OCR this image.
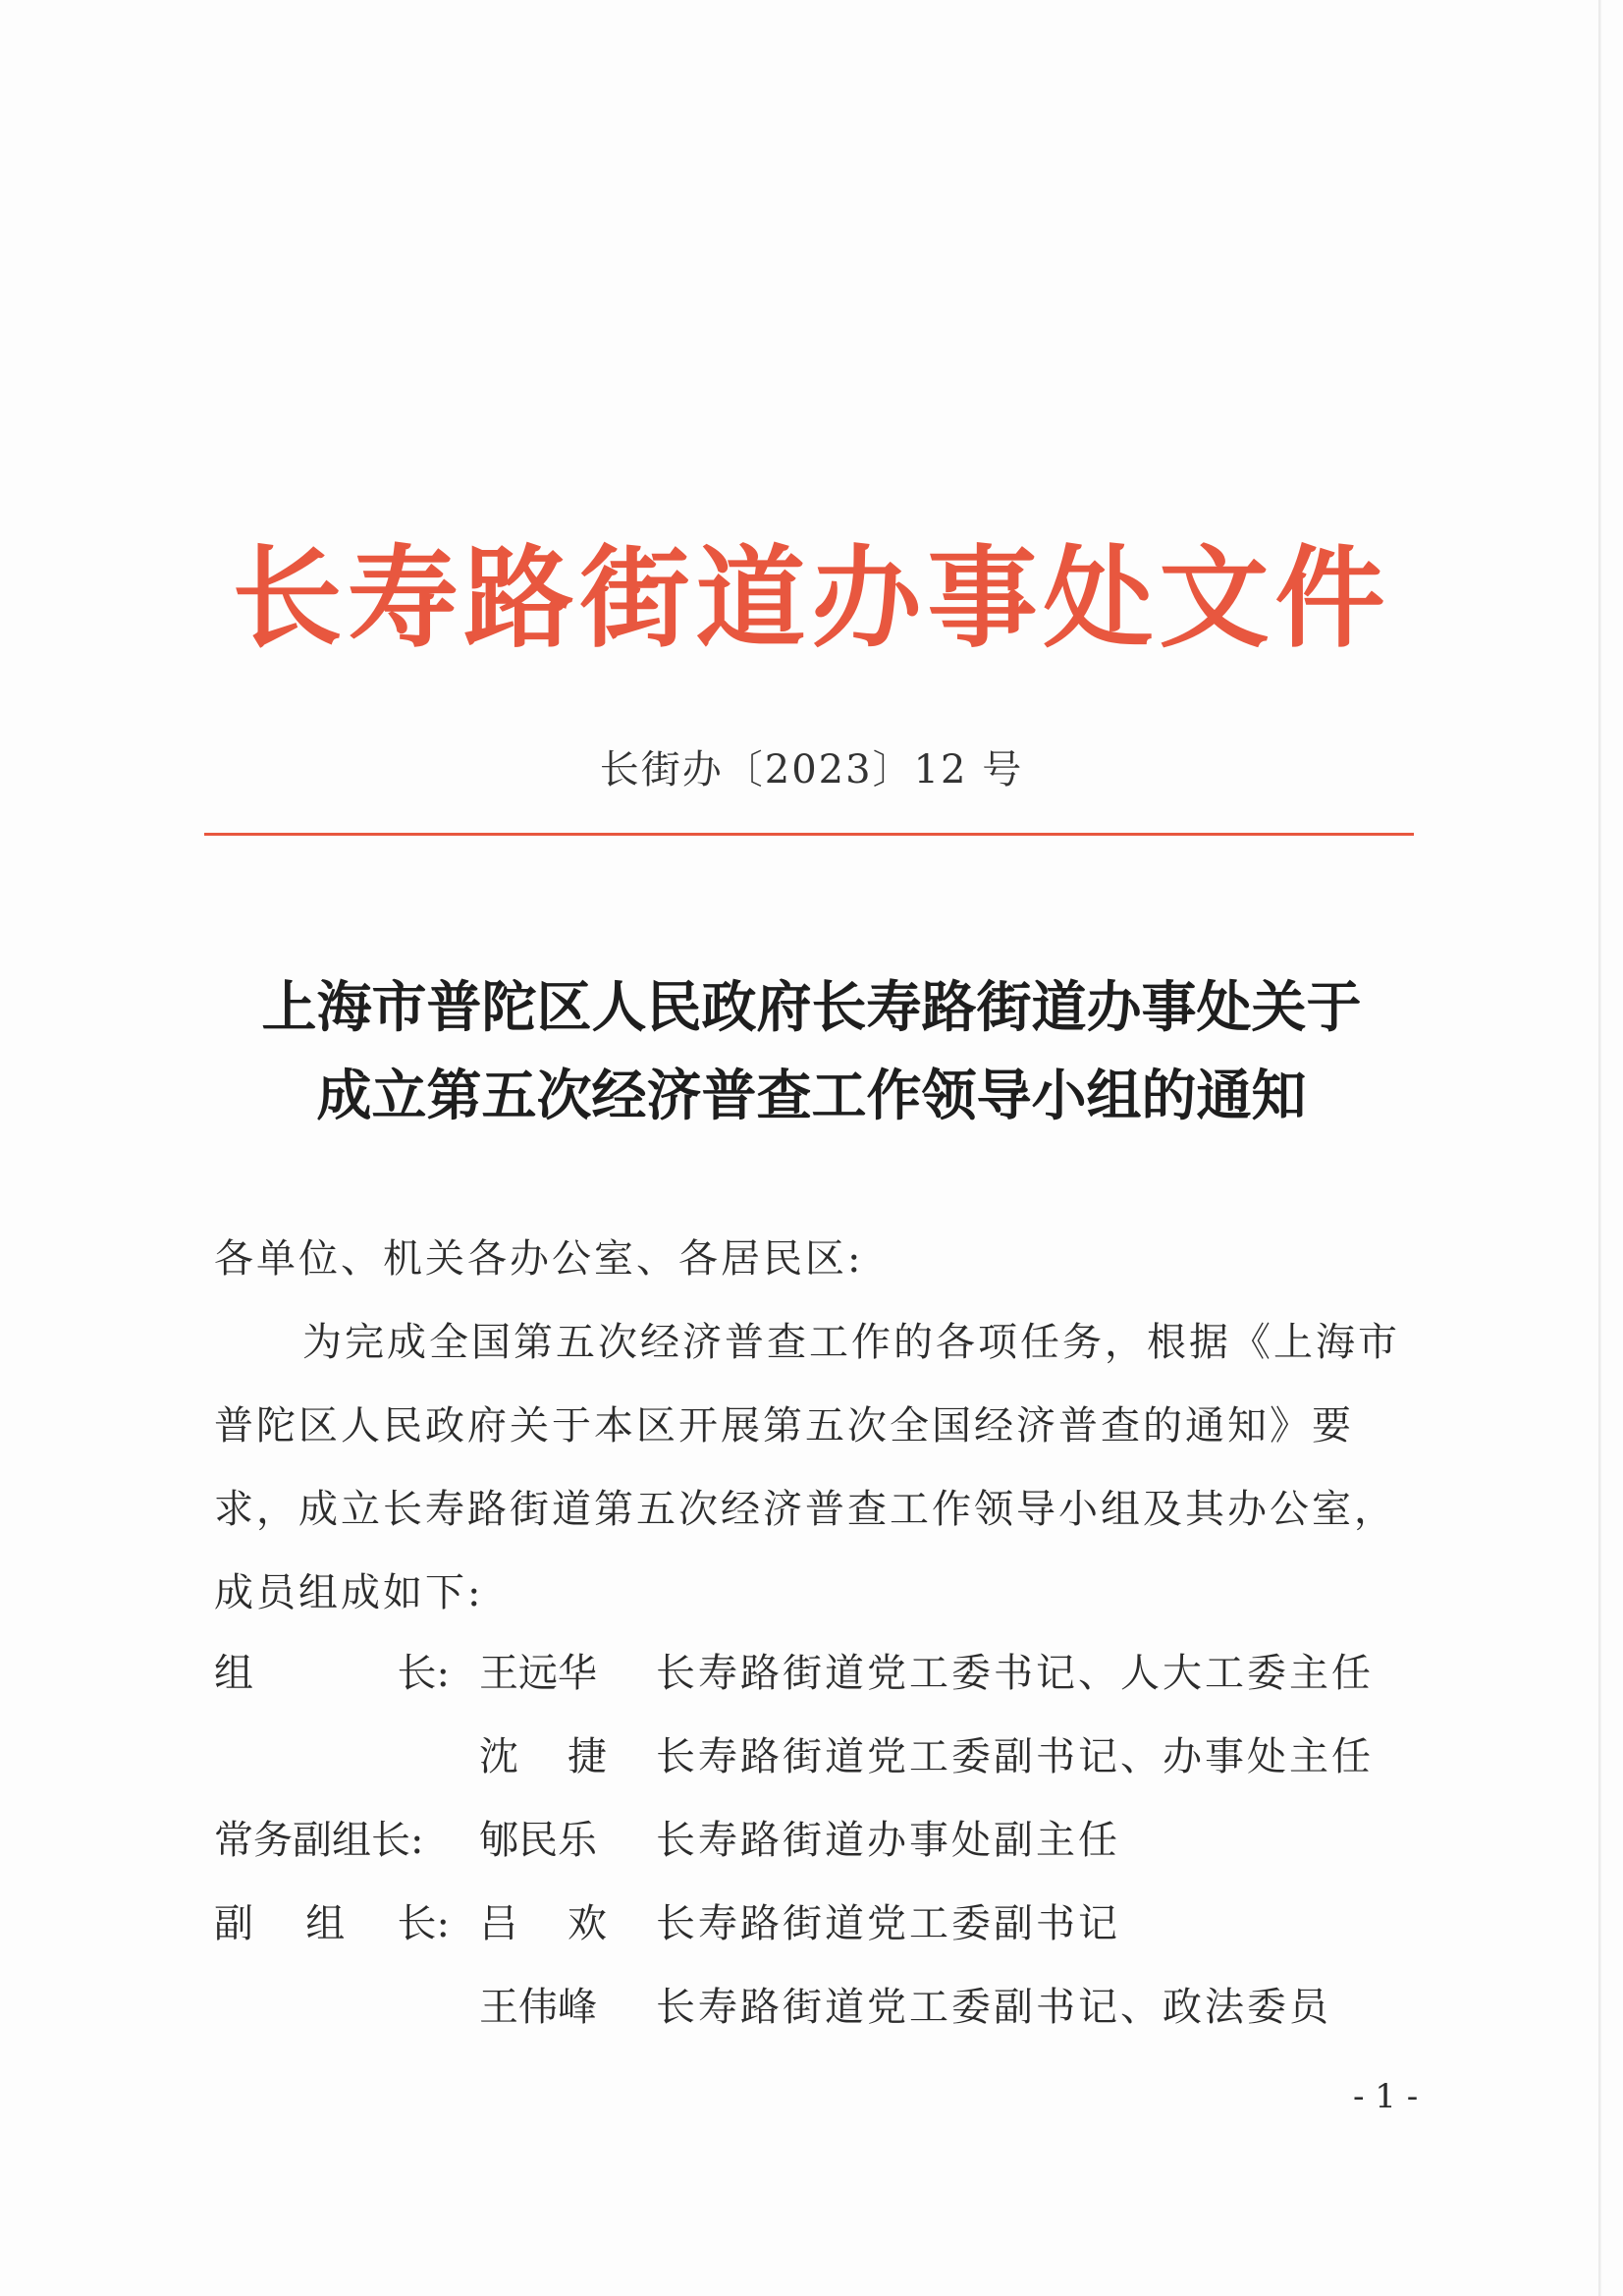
长寿路街道办事处文件
长街办〔2023〕12 号
上海市普陀区人民政府长寿路街道办事处关于
成立第五次经济普查工作领导小组的通知
各单位、机关各办公室、各居民区:
为完成全国第五次经济普查工作的各项任务，根据《上海市
普陀区人民政府关于本区开展第五次全国经济普查的通知》要
求，成立长寿路街道第五次经济普查工作领导小组及其办公室，
成员组成如下:
组	长: 王远华 长寿路街道党工委书记、人大工委主任
沈 捷 长寿路街道党工委副书记、办事处主任
常务副组长: 郇民乐 长寿路街道办事处副主任
副 组 长: 吕 欢 长寿路街道党工委副书记
王伟峰 长寿路街道党工委副书记、政法委员
- 1 -
